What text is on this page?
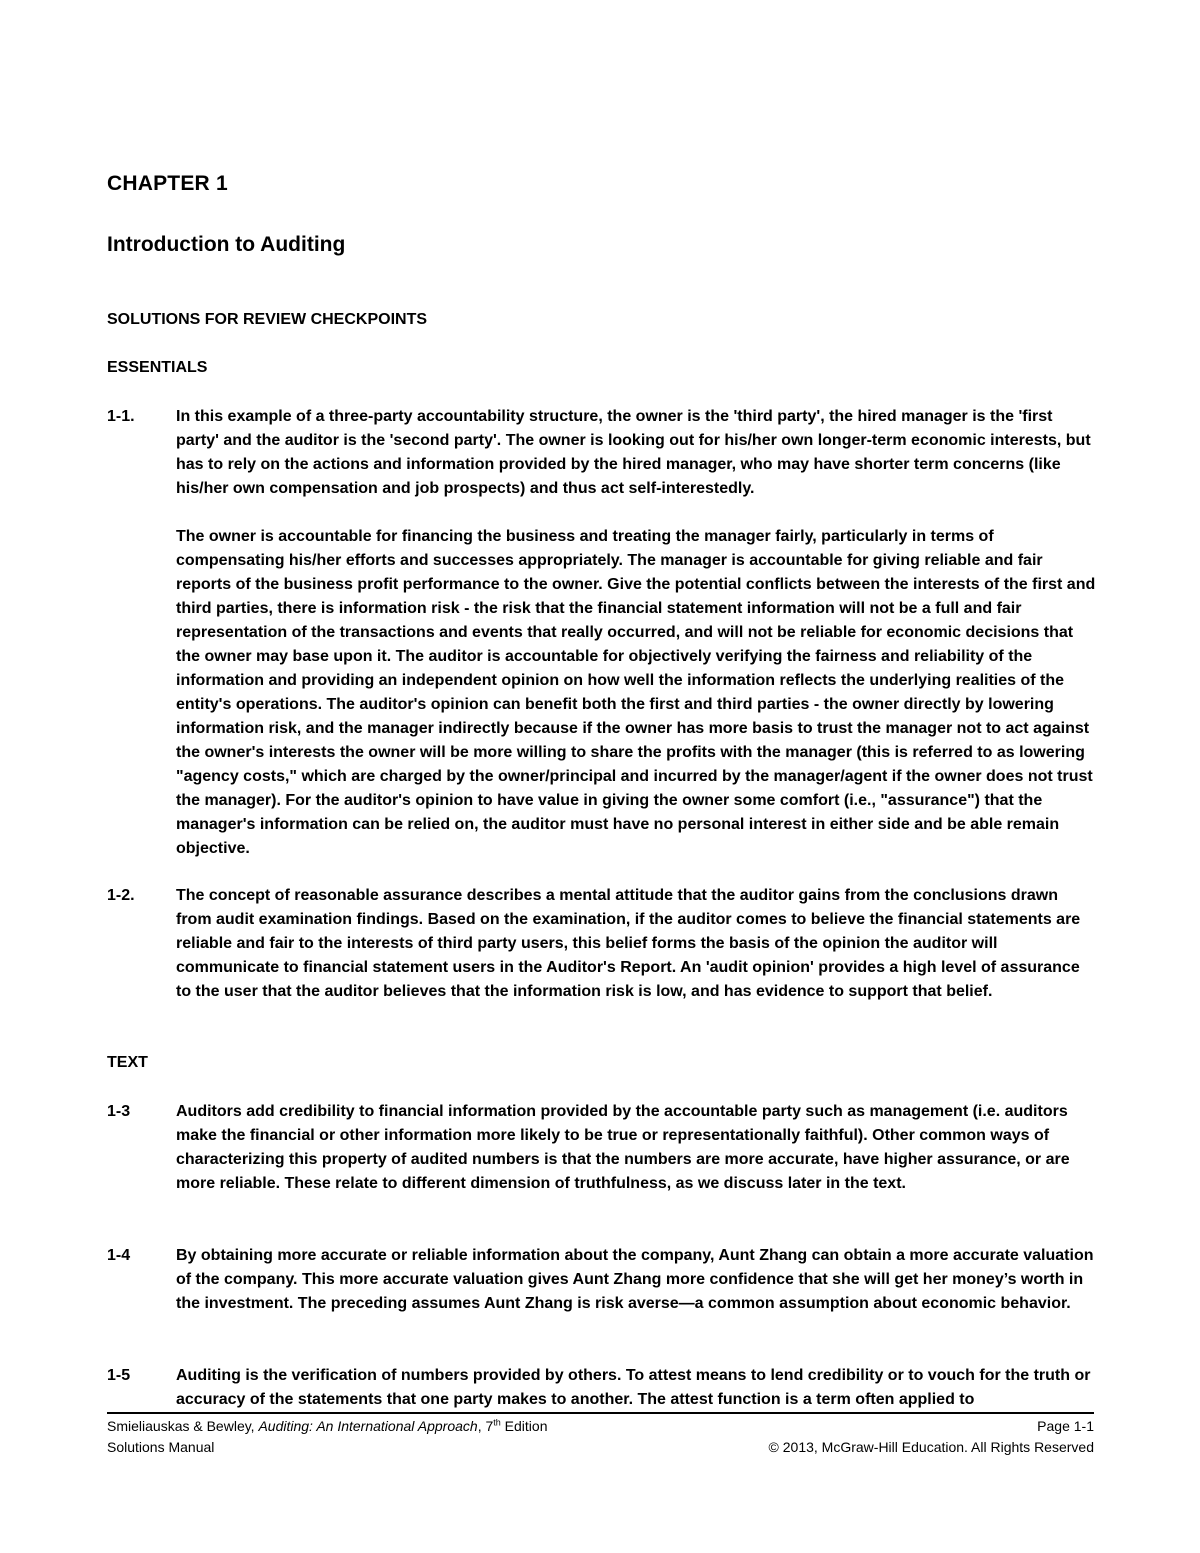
CHAPTER 1
Introduction to Auditing
SOLUTIONS FOR REVIEW CHECKPOINTS
ESSENTIALS
1-1.	In this example of a three-party accountability structure, the owner is the 'third party', the hired manager is the 'first party' and the auditor is the 'second party'. The owner is looking out for his/her own longer-term economic interests, but has to rely on the actions and information provided by the hired manager, who may have shorter term concerns (like his/her own compensation and job prospects) and thus act self-interestedly.

The owner is accountable for financing the business and treating the manager fairly, particularly in terms of compensating his/her efforts and successes appropriately. The manager is accountable for giving reliable and fair reports of the business profit performance to the owner. Give the potential conflicts between the interests of the first and third parties, there is information risk - the risk that the financial statement information will not be a full and fair representation of the transactions and events that really occurred, and will not be reliable for economic decisions that the owner may base upon it. The auditor is accountable for objectively verifying the fairness and reliability of the information and providing an independent opinion on how well the information reflects the underlying realities of the entity's operations. The auditor's opinion can benefit both the first and third parties - the owner directly by lowering information risk, and the manager indirectly because if the owner has more basis to trust the manager not to act against the owner's interests the owner will be more willing to share the profits with the manager (this is referred to as lowering "agency costs," which are charged by the owner/principal and incurred by the manager/agent if the owner does not trust the manager). For the auditor's opinion to have value in giving the owner some comfort (i.e., "assurance") that the manager's information can be relied on, the auditor must have no personal interest in either side and be able remain objective.

1-2.	The concept of reasonable assurance describes a mental attitude that the auditor gains from the conclusions drawn from audit examination findings. Based on the examination, if the auditor comes to believe the financial statements are reliable and fair to the interests of third party users, this belief forms the basis of the opinion the auditor will communicate to financial statement users in the Auditor's Report. An 'audit opinion' provides a high level of assurance to the user that the auditor believes that the information risk is low, and has evidence to support that belief.

TEXT
1-3	Auditors add credibility to financial information provided by the accountable party such as management (i.e. auditors make the financial or other information more likely to be true or representationally faithful). Other common ways of characterizing this property of audited numbers is that the numbers are more accurate, have higher assurance, or are more reliable. These relate to different dimension of truthfulness, as we discuss later in the text.

1-4	By obtaining more accurate or reliable information about the company, Aunt Zhang can obtain a more accurate valuation of the company. This more accurate valuation gives Aunt Zhang more confidence that she will get her money’s worth in the investment. The preceding assumes Aunt Zhang is risk averse—a common assumption about economic behavior.

1-5	Auditing is the verification of numbers provided by others. To attest means to lend credibility or to vouch for the truth or accuracy of the statements that one party makes to another. The attest function is a term often applied to

Smieliauskas & Bewley, Auditing: An International Approach, 7th Edition	Page 1-1
Solutions Manual	© 2013, McGraw-Hill Education. All Rights Reserved
